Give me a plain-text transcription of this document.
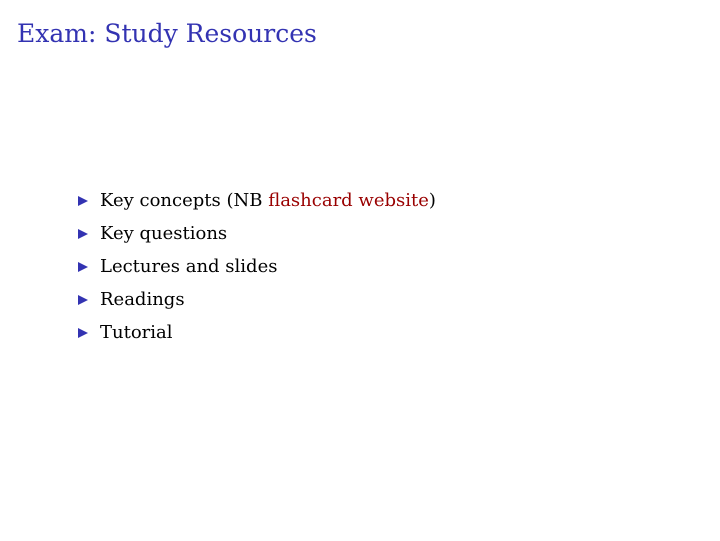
Exam: Study Resources
Key concepts (NB flashcard website)
Key questions
Lectures and slides
Readings
Tutorial
